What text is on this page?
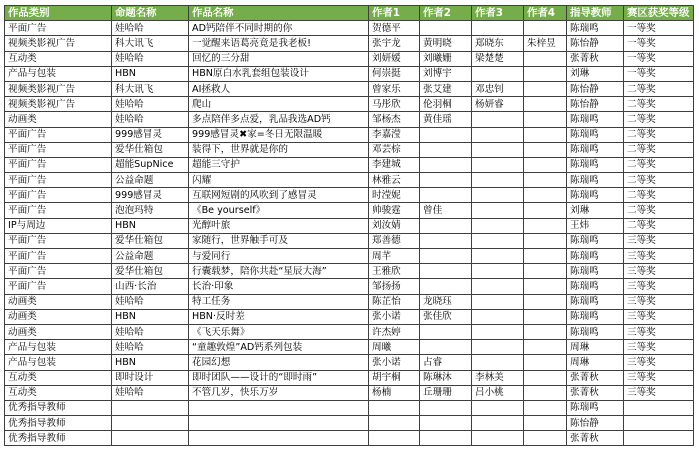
作品类别	命题名称	作品名称	作者1	作者2	作者3	作者4	指导教师	赛区获奖等级
平面广告	娃哈哈	AD钙陪伴不同时期的你	贺德平				陈瑞鸣	一等奖
视频类影视广告	科大讯飞	一觉醒来语葛亮竟是我老板!	张宇龙	黄明晓	郑晓东	朱梓昱	陈怡静	一等奖
互动类	娃哈哈	回忆的三分甜	刘妍媛	刘曦姗	梁楚楚		张菁秋	一等奖
产品与包装	HBN	HBN原白水乳套组包装设计	何崇挺	刘博宇			刘琳	一等奖
视频类影视广告	科大讯飞	AI拯救人	曾家乐	张艾建	邓忠钊		陈怡静	二等奖
视频类影视广告	娃哈哈	爬山	马彤欣	伦羽桐	杨妍睿		陈怡静	二等奖
动画类	娃哈哈	多点陪伴多点爱，乳品我选AD钙	邹杨杰	黄佳瑶			陈瑞鸣	二等奖
平面广告	999感冒灵	999感冒灵✖家=冬日无限温暖	李嘉滢				陈瑞鸣	二等奖
平面广告	爱华仕箱包	装得下，世界就是你的	邓芸棕				陈瑞鸣	二等奖
平面广告	超能SupNice	超能三守护	李建城				陈瑞鸣	二等奖
平面广告	公益命题	闪耀	林雅云				陈瑞鸣	二等奖
平面广告	999感冒灵	互联网短剧的风吹到了感冒灵	时滢妮				陈瑞鸣	二等奖
平面广告	泡泡玛特	《Be yourself》	帅骏霆	曾佳			刘琳	二等奖
IP与周边	HBN	光醇叶旅	刘汝婧				王炜	二等奖
平面广告	爱华仕箱包	家随行，世界触手可及	郑善德				陈瑞鸣	三等奖
平面广告	公益命题	与爱同行	周芊				陈瑞鸣	三等奖
平面广告	爱华仕箱包	行囊载梦，陪你共赴“星辰大海”	王雅欣				陈瑞鸣	三等奖
平面广告	山西·长治	长治·印象	邹扬扬				陈瑞鸣	三等奖
动画类	娃哈哈	特工任务	陈芷怡	龙晓珏			陈瑞鸣	三等奖
动画类	HBN	HBN·反时差	张小诺	张佳欣			陈瑞鸣	三等奖
动画类	娃哈哈	《飞天乐舞》	许杰婷				陈瑞鸣	三等奖
产品与包装	娃哈哈	“童趣敦煌”AD钙系列包装	周曦				周琳	三等奖
产品与包装	HBN	花园幻想	张小诺	占睿			周琳	三等奖
互动类	即时设计	即时团队——设计的“即时雨”	胡宇桐	陈琳沐	李林美		张菁秋	三等奖
互动类	娃哈哈	不管几岁，快乐万岁	杨楠	丘珊珊	吕小桃		张菁秋	三等奖
优秀指导教师							陈瑞鸣	
优秀指导教师							陈怡静	
优秀指导教师							张菁秋	
